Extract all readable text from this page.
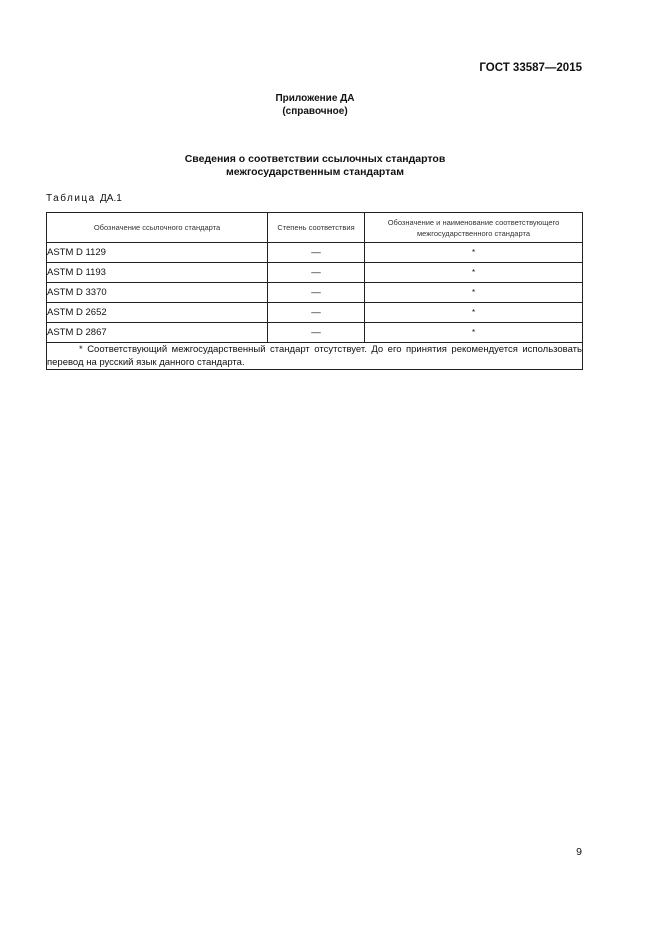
ГОСТ 33587—2015
Приложение ДА
(справочное)
Сведения о соответствии ссылочных стандартов
межгосударственным стандартам
Таблица ДА.1
Обозначение ссылочного стандарта	Степень соответствия	Обозначение и наименование соответствующего межгосударственного стандарта
ASTM D 1129	—	*
ASTM D 1193	—	*
ASTM D 3370	—	*
ASTM D 2652	—	*
ASTM D 2867	—	*
* Соответствующий межгосударственный стандарт отсутствует. До его принятия рекомендуется использовать перевод на русский язык данного стандарта.		
9
